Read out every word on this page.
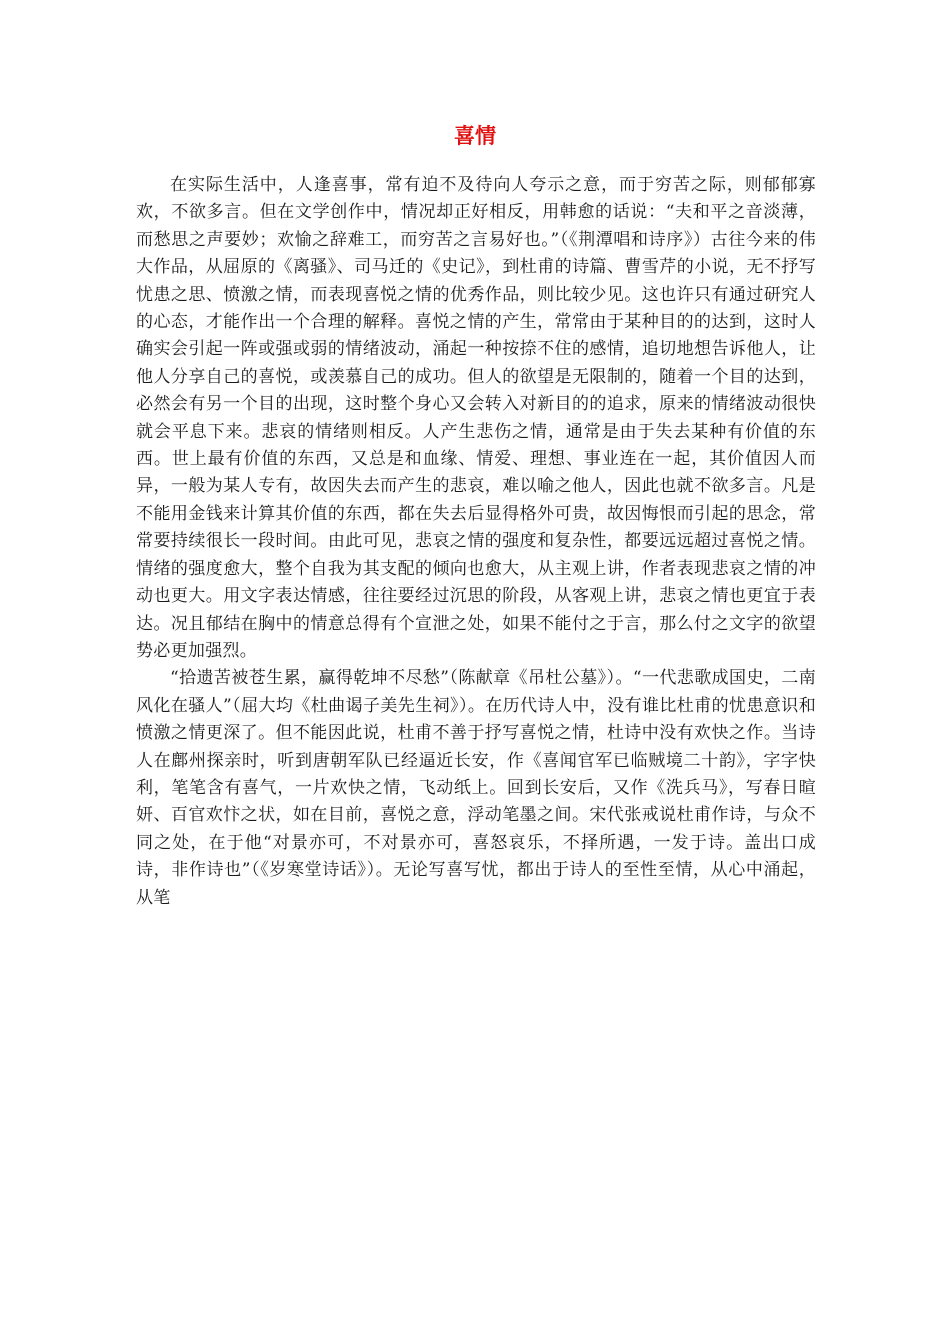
喜情

在实际生活中，人逢喜事，常有迫不及待向人夸示之意，而于穷苦之际，则郁郁寡欢，不欲多言。但在文学创作中，情况却正好相反，用韩愈的话说：“夫和平之音淡薄，而愁思之声要妙；欢愉之辞难工，而穷苦之言易好也。”（《荆潭唱和诗序》）古往今来的伟大作品，从屈原的《离骚》、司马迁的《史记》，到杜甫的诗篇、曹雪芹的小说，无不抒写忧患之思、愤激之情，而表现喜悦之情的优秀作品，则比较少见。这也许只有通过研究人的心态，才能作出一个合理的解释。喜悦之情的产生，常常由于某种目的的达到，这时人确实会引起一阵或强或弱的情绪波动，涌起一种按捺不住的感情，追切地想告诉他人，让他人分享自己的喜悦，或羡慕自己的成功。但人的欲望是无限制的，随着一个目的达到，必然会有另一个目的出现，这时整个身心又会转入对新目的的追求，原来的情绪波动很快就会平息下来。悲哀的情绪则相反。人产生悲伤之情，通常是由于失去某种有价值的东西。世上最有价值的东西，又总是和血缘、情爱、理想、事业连在一起，其价值因人而异，一般为某人专有，故因失去而产生的悲哀，难以喻之他人，因此也就不欲多言。凡是不能用金钱来计算其价值的东西，都在失去后显得格外可贵，故因悔恨而引起的思念，常常要持续很长一段时间。由此可见，悲哀之情的强度和复杂性，都要远远超过喜悦之情。情绪的强度愈大，整个自我为其支配的倾向也愈大，从主观上讲，作者表现悲哀之情的冲动也更大。用文字表达情感，往往要经过沉思的阶段，从客观上讲，悲哀之情也更宜于表达。况且郁结在胸中的情意总得有个宣泄之处，如果不能付之于言，那么付之文字的欲望势必更加强烈。

“拾遗苦被苍生累，赢得乾坤不尽愁”（陈献章《吊杜公墓》）。“一代悲歌成国史，二南风化在骚人”（屈大均《杜曲谒子美先生祠》）。在历代诗人中，没有谁比杜甫的忧患意识和愤激之情更深了。但不能因此说，杜甫不善于抒写喜悦之情，杜诗中没有欢快之作。当诗人在鄜州探亲时，听到唐朝军队已经逼近长安，作《喜闻官军已临贼境二十韵》，字字快利，笔笔含有喜气，一片欢快之情，飞动纸上。回到长安后，又作《洗兵马》，写春日暄妍、百官欢忭之状，如在目前，喜悦之意，浮动笔墨之间。宋代张戒说杜甫作诗，与众不同之处，在于他“对景亦可，不对景亦可，喜怒哀乐，不择所遇，一发于诗。盖出口成诗，非作诗也”（《岁寒堂诗话》）。无论写喜写忧，都出于诗人的至性至情，从心中涌起，从笔
